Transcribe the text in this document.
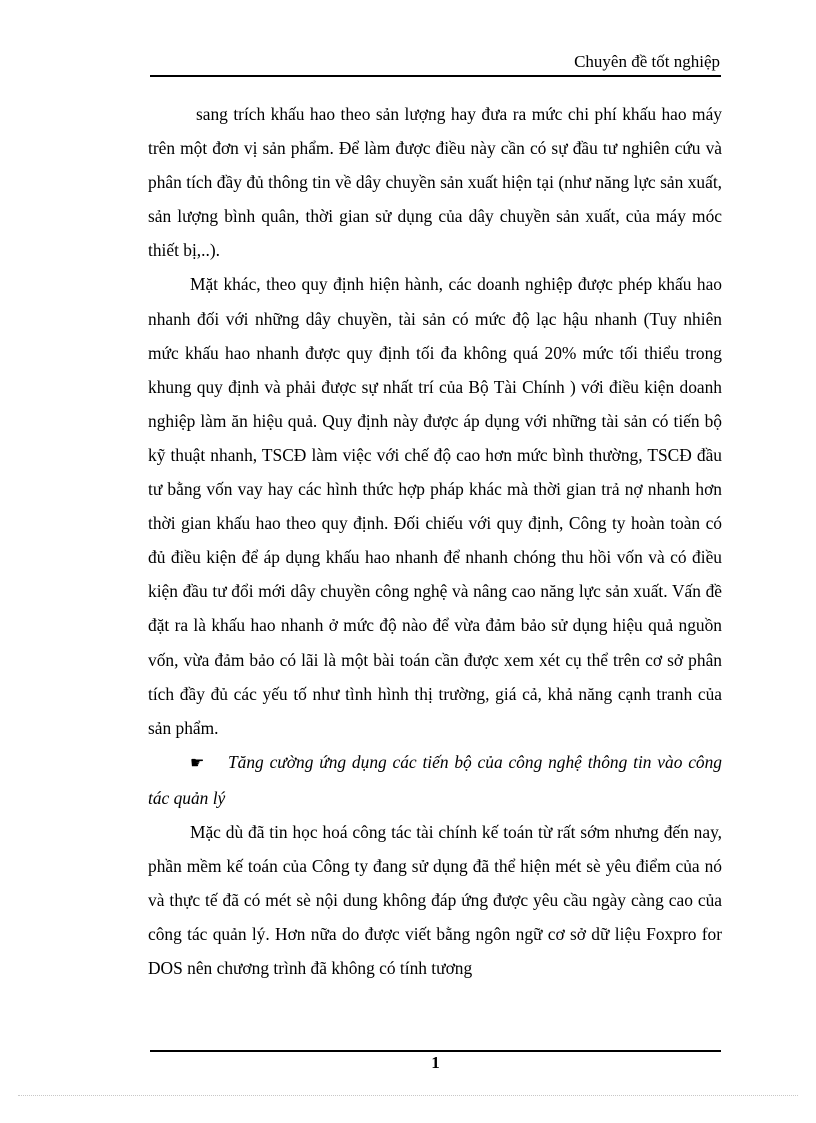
Chuyên đề tốt nghiệp

sang trích khấu hao theo sản lượng hay đưa ra mức chi phí khấu hao máy trên một đơn vị sản phẩm. Để làm được điều này cần có sự đầu tư nghiên cứu và phân tích đầy đủ thông tin về dây chuyền sản xuất hiện tại (như năng lực sản xuất, sản lượng bình quân, thời gian sử dụng của dây chuyền sản xuất, của máy móc thiết bị,..).

Mặt khác, theo quy định hiện hành, các doanh nghiệp được phép khấu hao nhanh đối với những dây chuyền, tài sản có mức độ lạc hậu nhanh (Tuy nhiên mức khấu hao nhanh được quy định tối đa không quá 20% mức tối thiểu trong khung quy định và phải được sự nhất trí của Bộ Tài Chính ) với điều kiện doanh nghiệp làm ăn hiệu quả. Quy định này được áp dụng với những tài sản có tiến bộ kỹ thuật nhanh, TSCĐ làm việc với chế độ cao hơn mức bình thường, TSCĐ đầu tư bằng vốn vay hay các hình thức hợp pháp khác mà thời gian trả nợ nhanh hơn thời gian khấu hao theo quy định. Đối chiếu với quy định, Công ty hoàn toàn có đủ điều kiện để áp dụng khấu hao nhanh để nhanh chóng thu hồi vốn và có điều kiện đầu tư đổi mới dây chuyền công nghệ và nâng cao năng lực sản xuất. Vấn đề đặt ra là khấu hao nhanh ở mức độ nào để vừa đảm bảo sử dụng hiệu quả nguồn vốn, vừa đảm bảo có lãi là một bài toán cần được xem xét cụ thể trên cơ sở phân tích đầy đủ các yếu tố như tình hình thị trường, giá cả, khả năng cạnh tranh của sản phẩm.

☛ Tăng cường ứng dụng các tiến bộ của công nghệ thông tin vào công tác quản lý

Mặc dù đã tin học hoá công tác tài chính kế toán từ rất sớm nhưng đến nay, phần mềm kế toán của Công ty đang sử dụng đã thể hiện mét sè yêu điểm của nó và thực tế đã có mét sè nội dung không đáp ứng được yêu cầu ngày càng cao của công tác quản lý. Hơn nữa do được viết bằng ngôn ngữ cơ sở dữ liệu Foxpro for DOS nên chương trình đã không có tính tương

1
